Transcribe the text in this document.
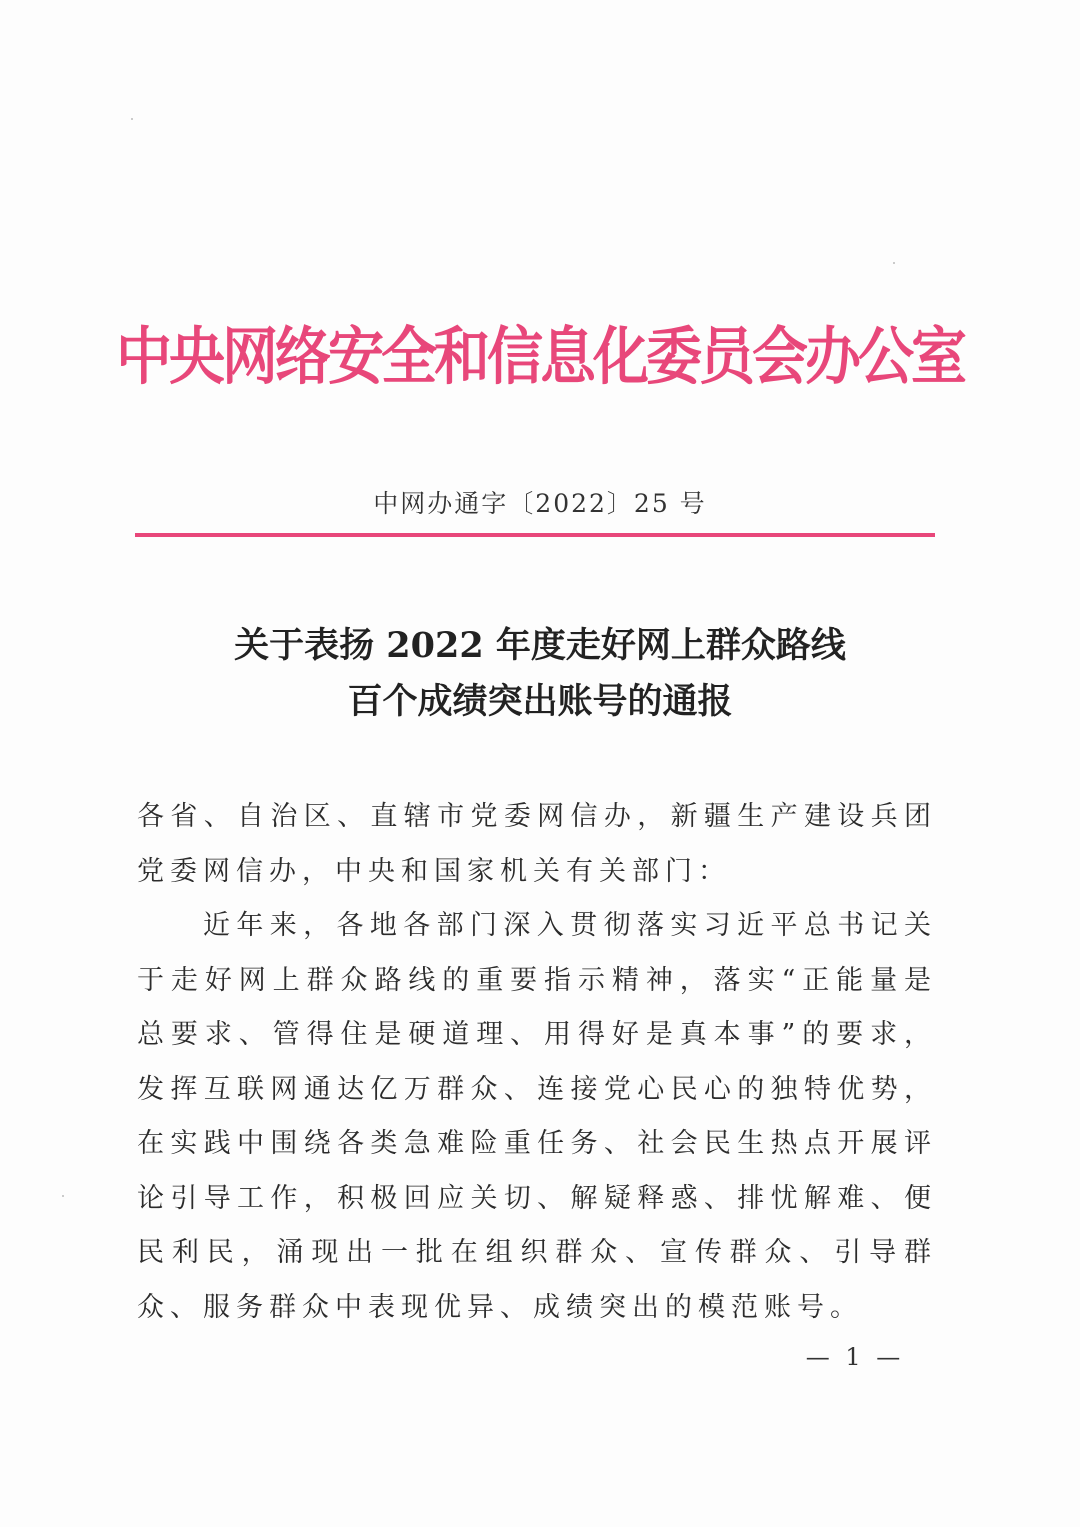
中央网络安全和信息化委员会办公室
中网办通字〔2022〕25 号
关于表扬 2022 年度走好网上群众路线
百个成绩突出账号的通报

各省、自治区、直辖市党委网信办，新疆生产建设兵团党委网信办，中央和国家机关有关部门：

近年来，各地各部门深入贯彻落实习近平总书记关于走好网上群众路线的重要指示精神，落实“正能量是总要求、管得住是硬道理、用得好是真本事”的要求，发挥互联网通达亿万群众、连接党心民心的独特优势，在实践中围绕各类急难险重任务、社会民生热点开展评论引导工作，积极回应关切、解疑释惑、排忧解难、便民利民，涌现出一批在组织群众、宣传群众、引导群众、服务群众中表现优异、成绩突出的模范账号。

— 1 —
